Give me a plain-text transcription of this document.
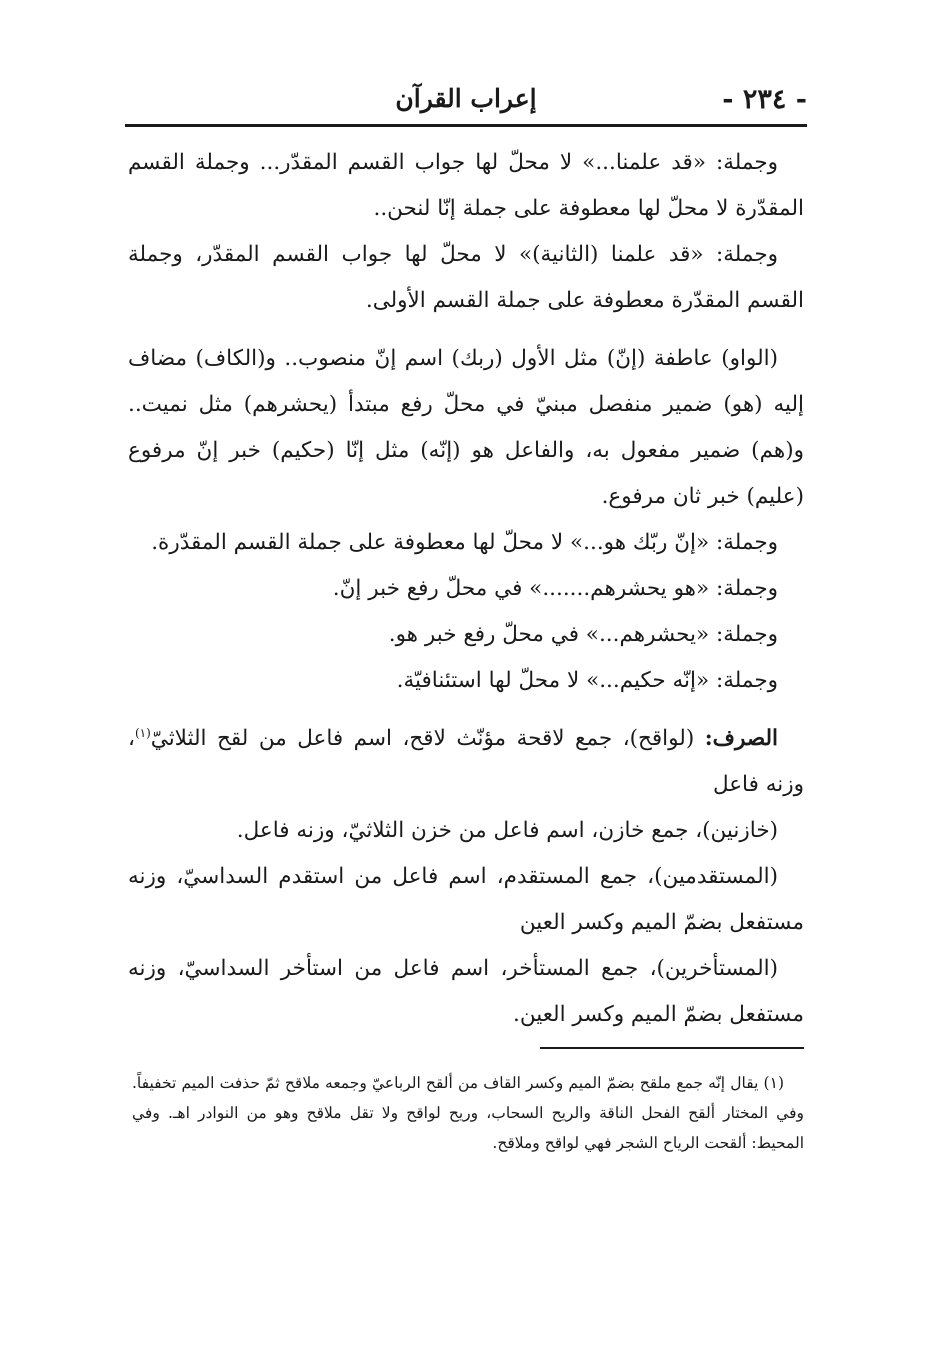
- ٢٣٤ -
إعراب القرآن

وجملة: «قد علمنا...» لا محلّ لها جواب القسم المقدّر... وجملة القسم المقدّرة لا محلّ لها معطوفة على جملة إنّا لنحن..

وجملة: «قد علمنا (الثانية)» لا محلّ لها جواب القسم المقدّر، وجملة القسم المقدّرة معطوفة على جملة القسم الأولى.

(الواو) عاطفة (إنّ) مثل الأول (ربك) اسم إنّ منصوب.. و(الكاف) مضاف إليه (هو) ضمير منفصل مبنيّ في محلّ رفع مبتدأ (يحشرهم) مثل نميت.. و(هم) ضمير مفعول به، والفاعل هو (إنّه) مثل إنّا (حكيم) خبر إنّ مرفوع (عليم) خبر ثان مرفوع.

وجملة: «إنّ ربّك هو...» لا محلّ لها معطوفة على جملة القسم المقدّرة.

وجملة: «هو يحشرهم.......» في محلّ رفع خبر إنّ.

وجملة: «يحشرهم...» في محلّ رفع خبر هو.

وجملة: «إنّه حكيم...» لا محلّ لها استئنافيّة.

الصرف: (لواقح)، جمع لاقحة مؤنّث لاقح، اسم فاعل من لقح الثلاثيّ$^{(١)}$، وزنه فاعل

(خازنين)، جمع خازن، اسم فاعل من خزن الثلاثيّ، وزنه فاعل.

(المستقدمين)، جمع المستقدم، اسم فاعل من استقدم السداسيّ، وزنه مستفعل بضمّ الميم وكسر العين

(المستأخرين)، جمع المستأخر، اسم فاعل من استأخر السداسيّ، وزنه مستفعل بضمّ الميم وكسر العين.

(١) يقال إنّه جمع ملقح بضمّ الميم وكسر القاف من ألقح الرباعيّ وجمعه ملاقح ثمّ حذفت الميم تخفيفاً. وفي المختار ألقح الفحل الناقة والريح السحاب، وريح لواقح ولا تقل ملاقح وهو من النوادر اهـ. وفي المحيط: ألقحت الرياح الشجر فهي لواقح وملاقح.
